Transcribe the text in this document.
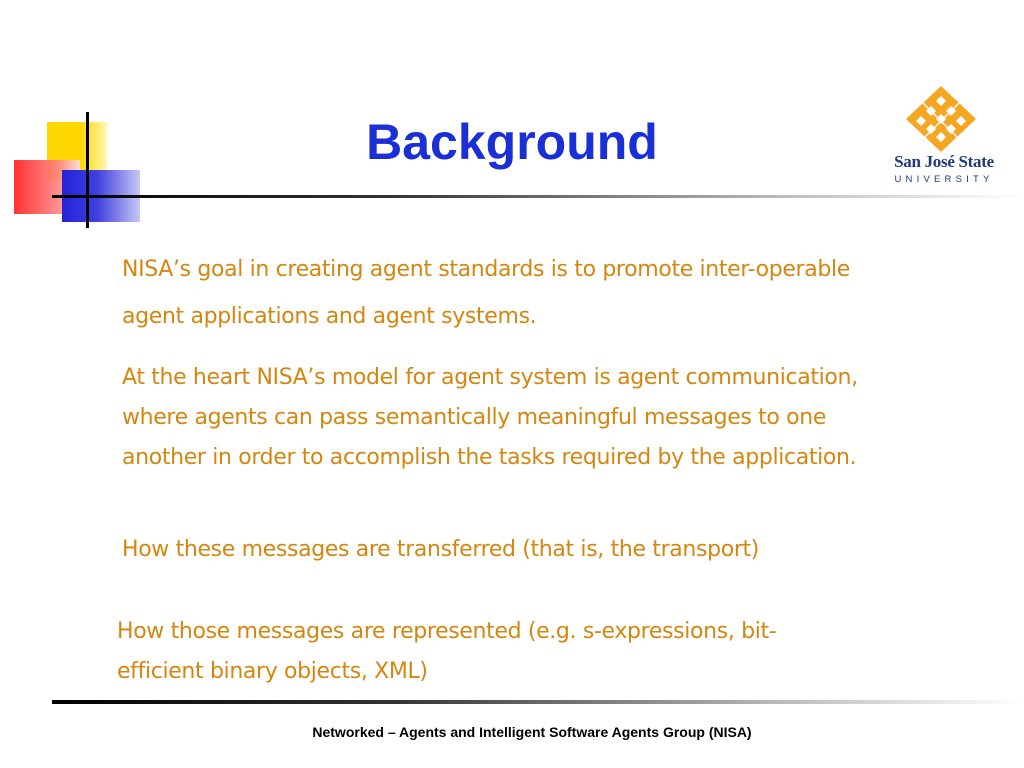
Background	San José State
UNIVERSITY
NISA’s goal in creating agent standards is to promote inter-operable
agent applications and agent systems.
At the heart NISA’s model for agent system is agent communication,
where agents can pass semantically meaningful messages to one
another in order to accomplish the tasks required by the application.
How these messages are transferred (that is, the transport)
How those messages are represented (e.g. s-expressions, bit-
efficient binary objects, XML)
Networked – Agents and Intelligent Software Agents Group (NISA)
